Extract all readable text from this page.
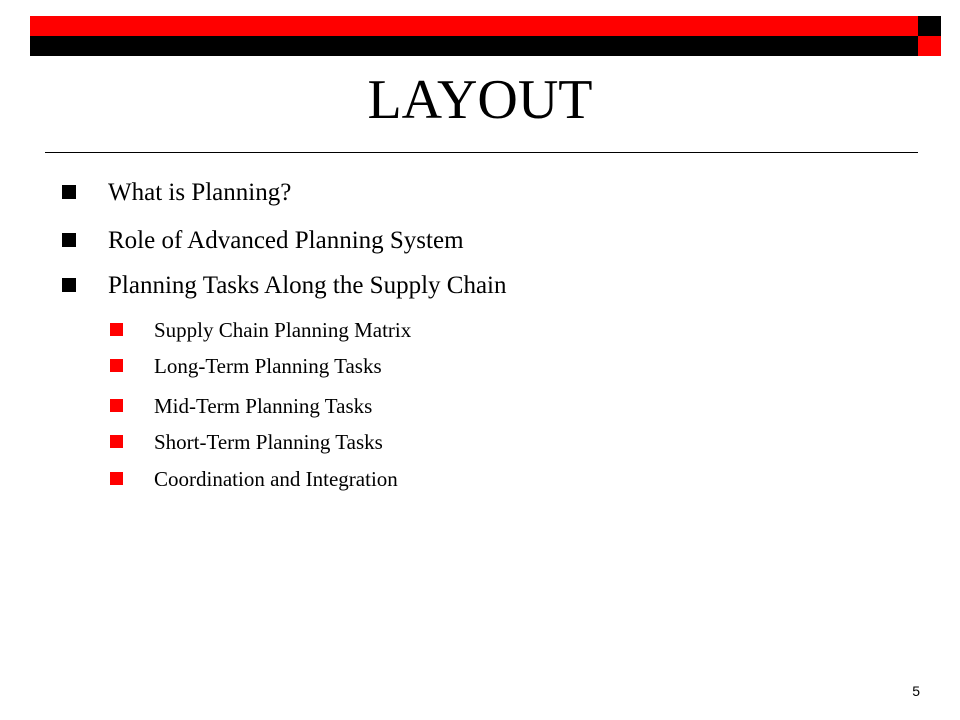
LAYOUT
What is Planning?
Role of Advanced Planning System
Planning Tasks Along the Supply Chain
Supply Chain Planning Matrix
Long-Term Planning Tasks
Mid-Term Planning Tasks
Short-Term Planning Tasks
Coordination and Integration
5
